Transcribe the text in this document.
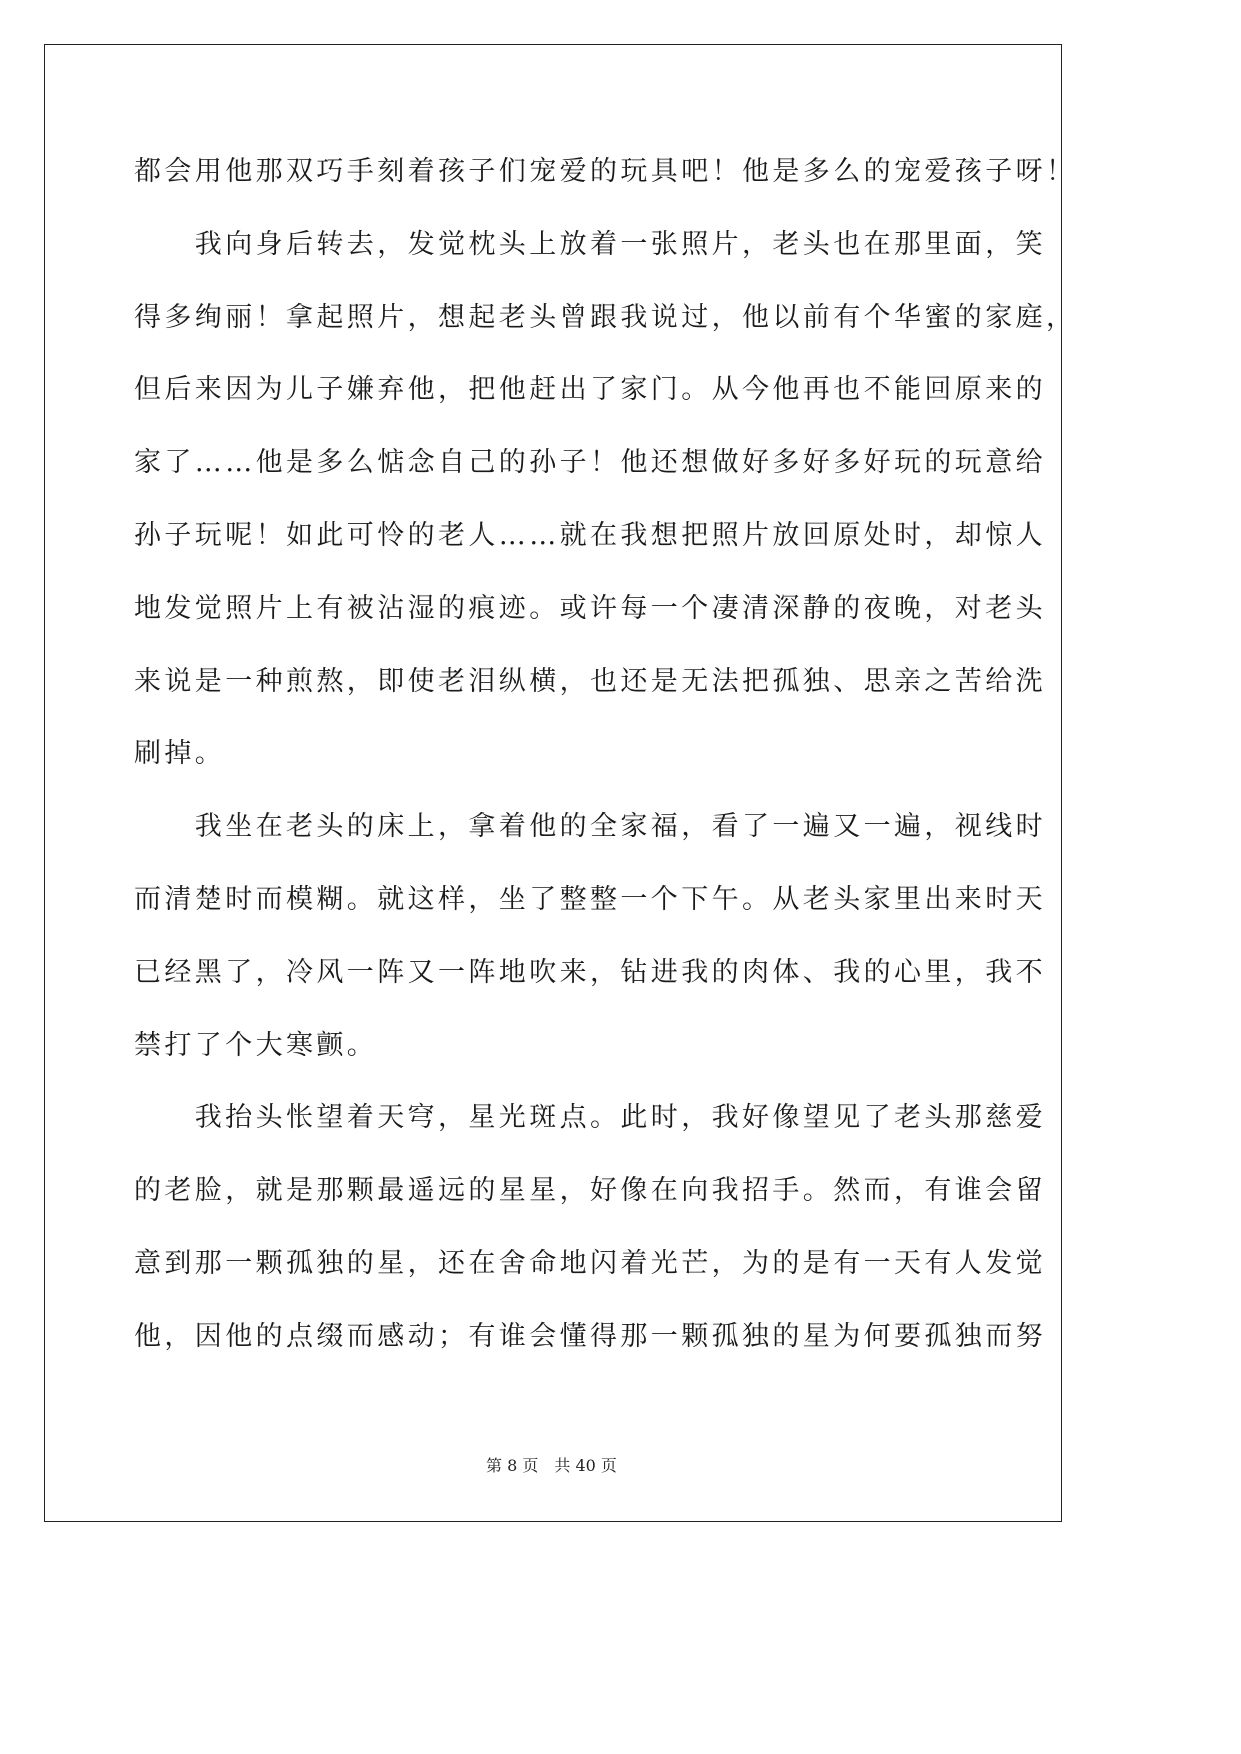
都会用他那双巧手刻着孩子们宠爱的玩具吧！他是多么的宠爱孩子呀！
　　我向身后转去，发觉枕头上放着一张照片，老头也在那里面，笑
得多绚丽！拿起照片，想起老头曾跟我说过，他以前有个华蜜的家庭，
但后来因为儿子嫌弃他，把他赶出了家门。从今他再也不能回原来的
家了……他是多么惦念自己的孙子！他还想做好多好多好玩的玩意给
孙子玩呢！如此可怜的老人……就在我想把照片放回原处时，却惊人
地发觉照片上有被沾湿的痕迹。或许每一个凄清深静的夜晚，对老头
来说是一种煎熬，即使老泪纵横，也还是无法把孤独、思亲之苦给洗
刷掉。
　　我坐在老头的床上，拿着他的全家福，看了一遍又一遍，视线时
而清楚时而模糊。就这样，坐了整整一个下午。从老头家里出来时天
已经黑了，冷风一阵又一阵地吹来，钻进我的肉体、我的心里，我不
禁打了个大寒颤。
　　我抬头怅望着天穹，星光斑点。此时，我好像望见了老头那慈爱
的老脸，就是那颗最遥远的星星，好像在向我招手。然而，有谁会留
意到那一颗孤独的星，还在舍命地闪着光芒，为的是有一天有人发觉
他，因他的点缀而感动；有谁会懂得那一颗孤独的星为何要孤独而努
第 8 页　共 40 页
